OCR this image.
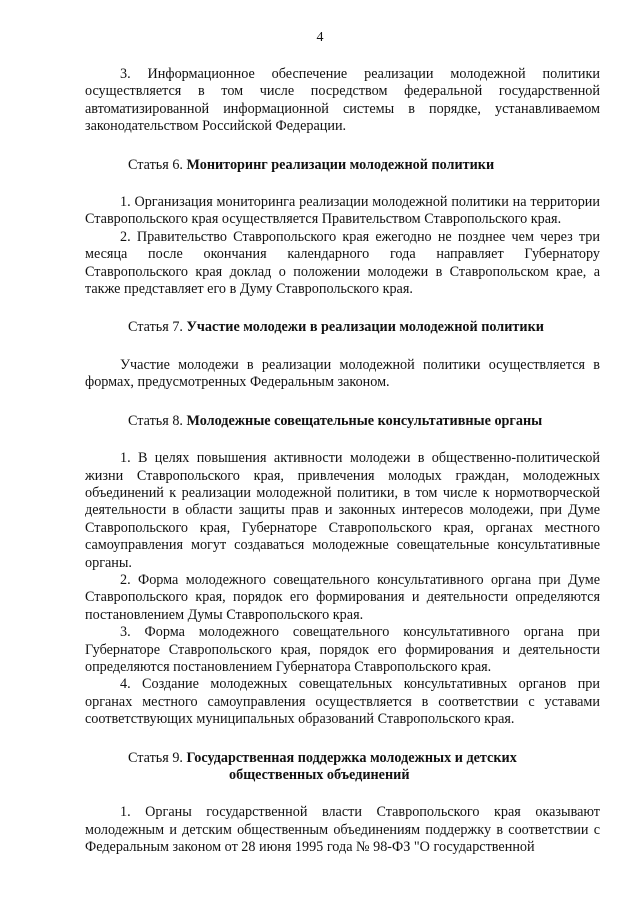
4

3. Информационное обеспечение реализации молодежной политики осуществляется в том числе посредством федеральной государственной автоматизированной информационной системы в порядке, устанавливаемом законодательством Российской Федерации.

Статья 6. Мониторинг реализации молодежной политики

1. Организация мониторинга реализации молодежной политики на территории Ставропольского края осуществляется Правительством Ставропольского края.

2. Правительство Ставропольского края ежегодно не позднее чем через три месяца после окончания календарного года направляет Губернатору Ставропольского края доклад о положении молодежи в Ставропольском крае, а также представляет его в Думу Ставропольского края.

Статья 7. Участие молодежи в реализации молодежной политики

Участие молодежи в реализации молодежной политики осуществляется в формах, предусмотренных Федеральным законом.

Статья 8. Молодежные совещательные консультативные органы

1. В целях повышения активности молодежи в общественно-политической жизни Ставропольского края, привлечения молодых граждан, молодежных объединений к реализации молодежной политики, в том числе к нормотворческой деятельности в области защиты прав и законных интересов молодежи, при Думе Ставропольского края, Губернаторе Ставропольского края, органах местного самоуправления могут создаваться молодежные совещательные консультативные органы.

2. Форма молодежного совещательного консультативного органа при Думе Ставропольского края, порядок его формирования и деятельности определяются постановлением Думы Ставропольского края.

3. Форма молодежного совещательного консультативного органа при Губернаторе Ставропольского края, порядок его формирования и деятельности определяются постановлением Губернатора Ставропольского края.

4. Создание молодежных совещательных консультативных органов при органах местного самоуправления осуществляется в соответствии с уставами соответствующих муниципальных образований Ставропольского края.

Статья 9. Государственная поддержка молодежных и детских
общественных объединений

1. Органы государственной власти Ставропольского края оказывают молодежным и детским общественным объединениям поддержку в соответствии с Федеральным законом от 28 июня 1995 года № 98-ФЗ "О государственной
